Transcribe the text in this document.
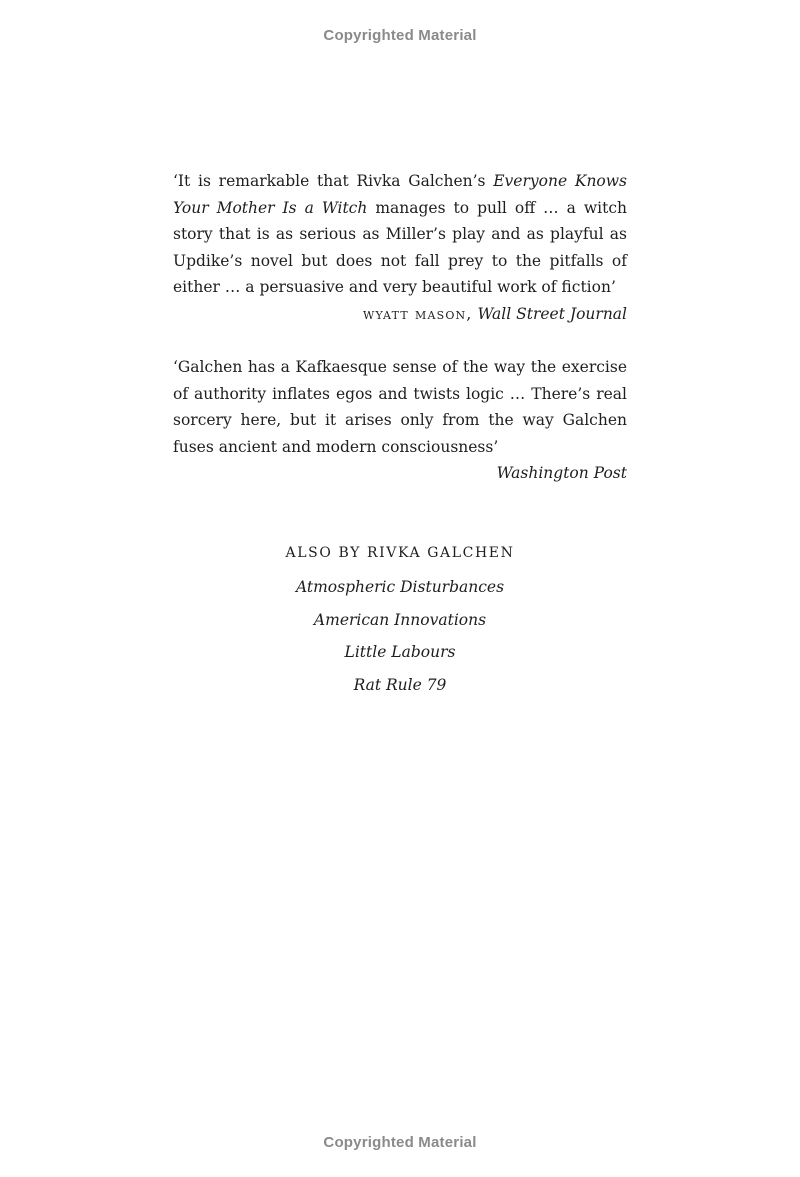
Copyrighted Material
‘It is remarkable that Rivka Galchen’s Everyone Knows Your Mother Is a Witch manages to pull off … a witch story that is as serious as Miller’s play and as playful as Updike’s novel but does not fall prey to the pitfalls of either … a persuasive and very beautiful work of fiction’
wyatt mason, Wall Street Journal
‘Galchen has a Kafkaesque sense of the way the exercise of authority inflates egos and twists logic … There’s real sorcery here, but it arises only from the way Galchen fuses ancient and modern consciousness’
Washington Post
ALSO BY RIVKA GALCHEN
Atmospheric Disturbances
American Innovations
Little Labours
Rat Rule 79
Copyrighted Material
